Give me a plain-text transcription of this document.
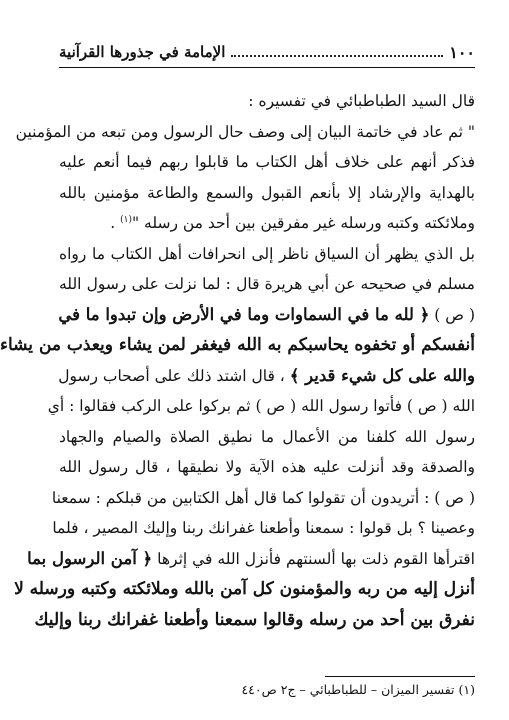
١٠٠
الإمامة في جذورها القرآنية
قال السيد الطباطبائي في تفسيره :
" ثم عاد في خاتمة البيان إلى وصف حال الرسول ومن تبعه من المؤمنين
فذكر أنهم على خلاف أهل الكتاب ما قابلوا ربهم فيما أنعم عليه
بالهداية والإرشاد إلا بأنعم القبول والسمع والطاعة مؤمنين بالله
وملائكته وكتبه ورسله غير مفرقين بين أحد من رسله "$^{(١)}$ .
بل الذي يظهر أن السياق ناظر إلى انحرافات أهل الكتاب ما رواه
مسلم في صحيحه عن أبي هريرة قال : لما نزلت على رسول الله
( ص ) ﴿ لله ما في السماوات وما في الأرض وإن تبدوا ما في
أنفسكم أو تخفوه يحاسبكم به الله فيغفر لمن يشاء ويعذب من يشاء
والله على كل شيء قدير ﴾ ، قال اشتد ذلك على أصحاب رسول
الله ( ص ) فأتوا رسول الله ( ص ) ثم بركوا على الركب فقالوا : أي
رسول الله كلفنا من الأعمال ما نطيق الصلاة والصيام والجهاد
والصدقة وقد أنزلت عليه هذه الآية ولا نطيقها ، قال رسول الله
( ص ) : أتريدون أن تقولوا كما قال أهل الكتابين من قبلكم : سمعنا
وعصينا ؟ بل قولوا : سمعنا وأطعنا غفرانك ربنا وإليك المصير ، فلما
اقترأها القوم ذلت بها ألسنتهم فأنزل الله في إثرها ﴿ آمن الرسول بما
أنزل إليه من ربه والمؤمنون كل آمن بالله وملائكته وكتبه ورسله لا
نفرق بين أحد من رسله وقالوا سمعنا وأطعنا غفرانك ربنا وإليك
(١) تفسير الميزان – للطباطبائي – ج٢ ص٤٤٠
